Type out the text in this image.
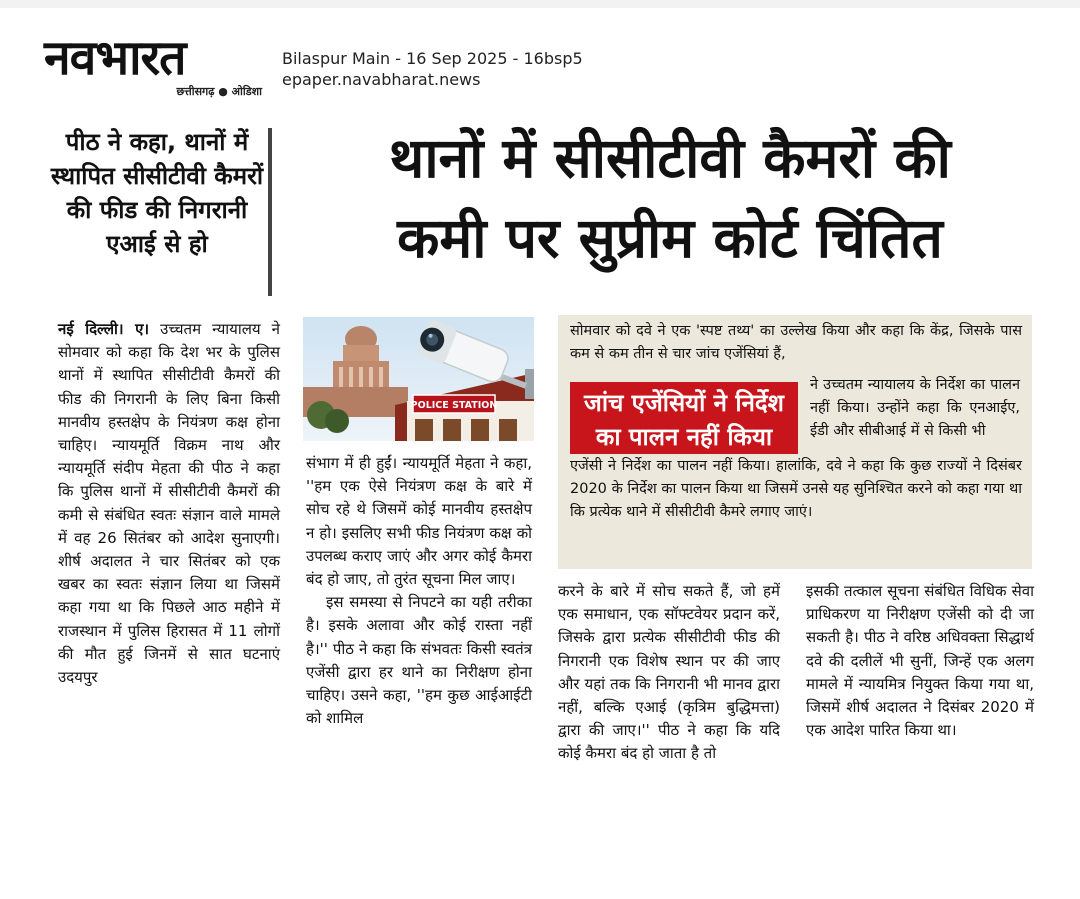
नवभारत
छत्तीसगढ़ ● ओडिशा
Bilaspur Main - 16 Sep 2025 - 16bsp5
epaper.navabharat.news
पीठ ने कहा, थानों में स्थापित सीसीटीवी कैमरों की फीड की निगरानी एआई से हो
थानों में सीसीटीवी कैमरों की
कमी पर सुप्रीम कोर्ट चिंतित

नई दिल्ली। ए। उच्चतम न्यायालय ने सोमवार को कहा कि देश भर के पुलिस थानों में स्थापित सीसीटीवी कैमरों की फीड की निगरानी के लिए बिना किसी मानवीय हस्तक्षेप के नियंत्रण कक्ष होना चाहिए। न्यायमूर्ति विक्रम नाथ और न्यायमूर्ति संदीप मेहता की पीठ ने कहा कि पुलिस थानों में सीसीटीवी कैमरों की कमी से संबंधित स्वतः संज्ञान वाले मामले में वह 26 सितंबर को आदेश सुनाएगी। शीर्ष अदालत ने चार सितंबर को एक खबर का स्वतः संज्ञान लिया था जिसमें कहा गया था कि पिछले आठ महीने में राजस्थान में पुलिस हिरासत में 11 लोगों की मौत हुई जिनमें से सात घटनाएं उदयपुर

POLICE STATION

संभाग में ही हुईं। न्यायमूर्ति मेहता ने कहा, ''हम एक ऐसे नियंत्रण कक्ष के बारे में सोच रहे थे जिसमें कोई मानवीय हस्तक्षेप न हो। इसलिए सभी फीड नियंत्रण कक्ष को उपलब्ध कराए जाएं और अगर कोई कैमरा बंद हो जाए, तो तुरंत सूचना मिल जाए।

इस समस्या से निपटने का यही तरीका है। इसके अलावा और कोई रास्ता नहीं है।'' पीठ ने कहा कि संभवतः किसी स्वतंत्र एजेंसी द्वारा हर थाने का निरीक्षण होना चाहिए। उसने कहा, ''हम कुछ आईआईटी को शामिल

सोमवार को दवे ने एक 'स्पष्ट तथ्य' का उल्लेख किया और कहा कि केंद्र, जिसके पास कम से कम तीन से चार जांच एजेंसियां हैं,
ने उच्चतम न्यायालय के निर्देश का पालन नहीं किया। उन्होंने कहा कि एनआईए, ईडी और सीबीआई में से किसी भी
एजेंसी ने निर्देश का पालन नहीं किया। हालांकि, दवे ने कहा कि कुछ राज्यों ने दिसंबर 2020 के निर्देश का पालन किया था जिसमें उनसे यह सुनिश्चित करने को कहा गया था कि प्रत्येक थाने में सीसीटीवी कैमरे लगाए जाएं।
जांच एजेंसियों ने निर्देश का पालन नहीं किया

करने के बारे में सोच सकते हैं, जो हमें एक समाधान, एक सॉफ्टवेयर प्रदान करें, जिसके द्वारा प्रत्येक सीसीटीवी फीड की निगरानी एक विशेष स्थान पर की जाए और यहां तक कि निगरानी भी मानव द्वारा नहीं, बल्कि एआई (कृत्रिम बुद्धिमत्ता) द्वारा की जाए।'' पीठ ने कहा कि यदि कोई कैमरा बंद हो जाता है तो

इसकी तत्काल सूचना संबंधित विधिक सेवा प्राधिकरण या निरीक्षण एजेंसी को दी जा सकती है। पीठ ने वरिष्ठ अधिवक्ता सिद्धार्थ दवे की दलीलें भी सुनीं, जिन्हें एक अलग मामले में न्यायमित्र नियुक्त किया गया था, जिसमें शीर्ष अदालत ने दिसंबर 2020 में एक आदेश पारित किया था।
